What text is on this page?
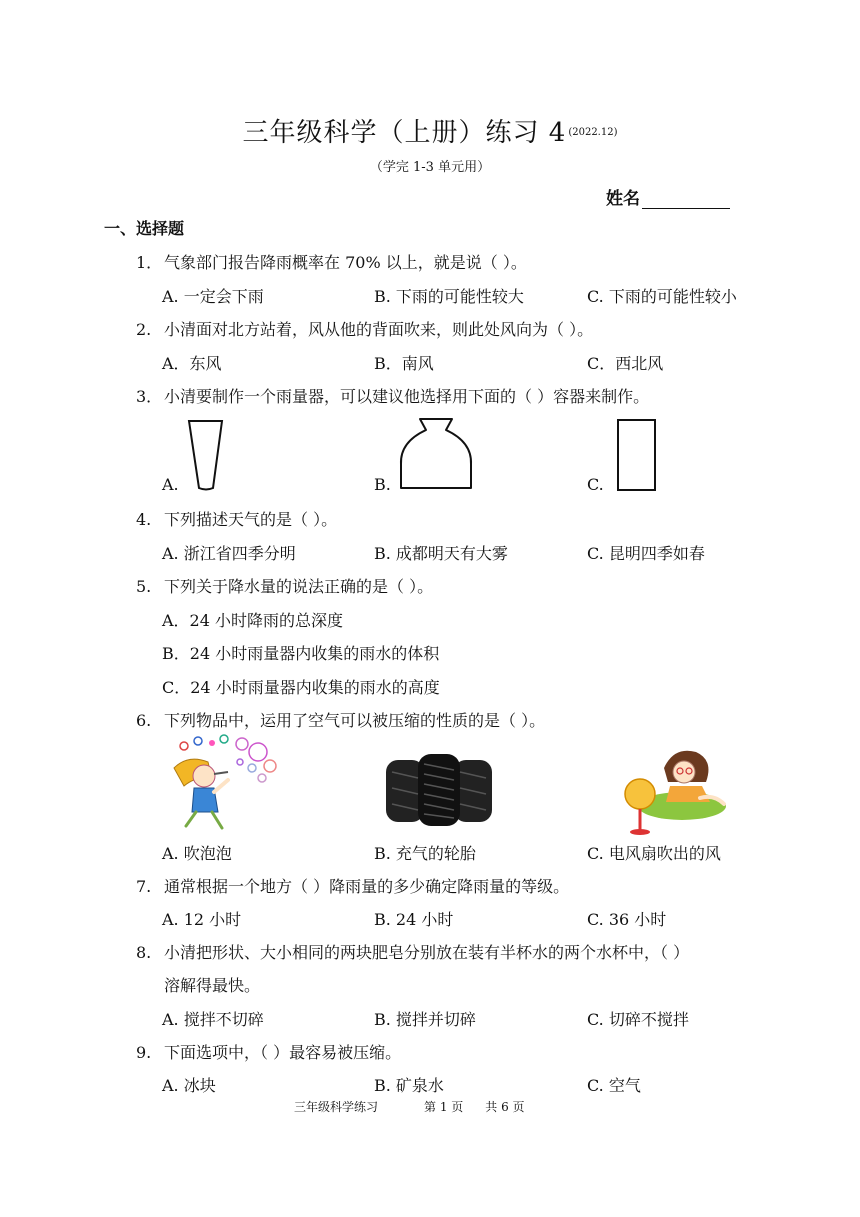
三年级科学（上册）练习 4 $^{(2022.12)}$
（学完 1-3 单元用）
姓名
一、选择题
1． 气象部门报告降雨概率在 70% 以上，就是说（ ）。
A. 一定会下雨	B. 下雨的可能性较大	C. 下雨的可能性较小
2. 小清面对北方站着，风从他的背面吹来，则此处风向为（ ）。
A．东风	B．南风	C．西北风
3． 小清要制作一个雨量器，可以建议他选择用下面的（ ）容器来制作。
A.	B.	C.
4. 下列描述天气的是（ ）。
A. 浙江省四季分明	B. 成都明天有大雾	C. 昆明四季如春
5. 下列关于降水量的说法正确的是（ ）。
A．24 小时降雨的总深度
B．24 小时雨量器内收集的雨水的体积
C．24 小时雨量器内收集的雨水的高度
6. 下列物品中，运用了空气可以被压缩的性质的是（ ）。
A. 吹泡泡	B. 充气的轮胎	C. 电风扇吹出的风
7. 通常根据一个地方（ ）降雨量的多少确定降雨量的等级。
A. 12 小时	B. 24 小时	C. 36 小时
8. 小清把形状、大小相同的两块肥皂分别放在装有半杯水的两个水杯中，（ ）
溶解得最快。
A. 搅拌不切碎	B. 搅拌并切碎	C. 切碎不搅拌
9. 下面选项中，（ ）最容易被压缩。
A. 冰块	B. 矿泉水	C. 空气
三年级科学练习	第 1 页 共 6 页
